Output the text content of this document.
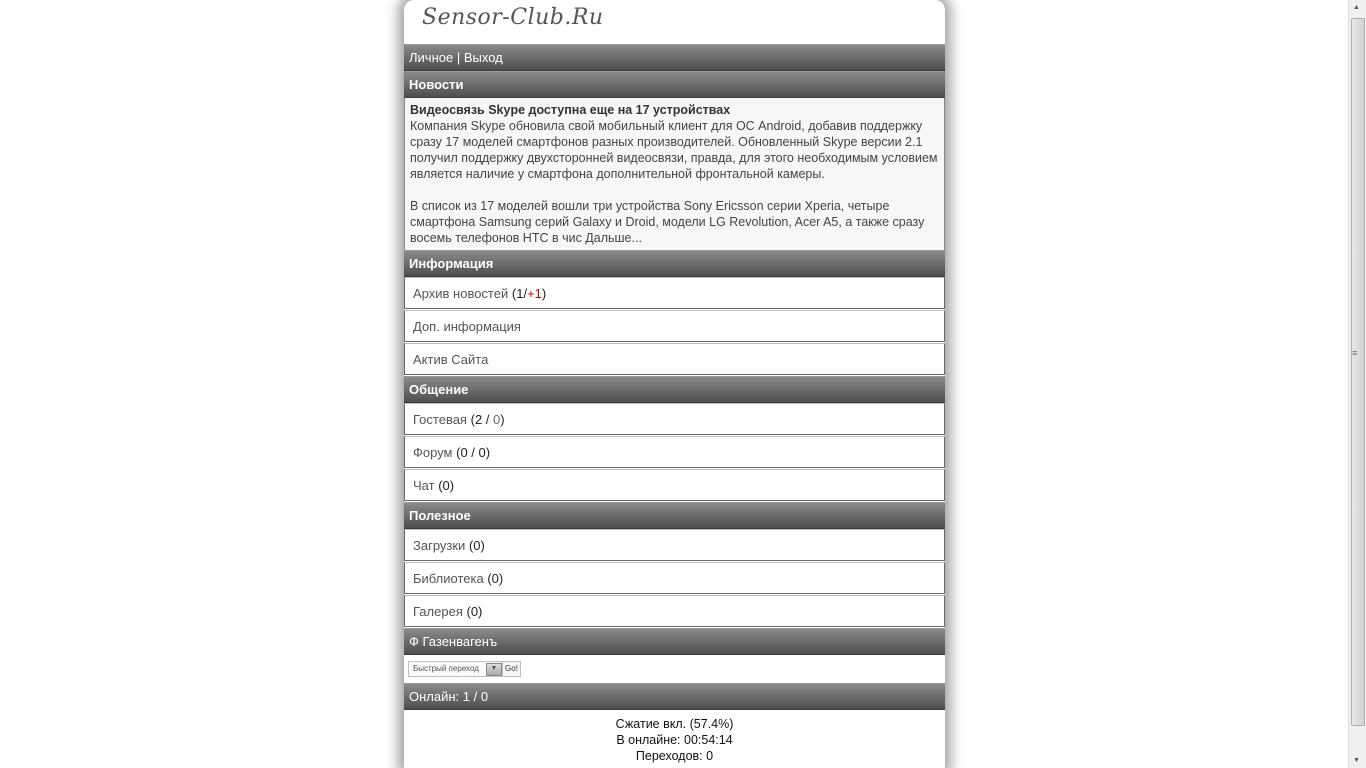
Sensor-Club.Ru
Личное | Выход
Новости

Видеосвязь Skype доступна еще на 17 устройствах

Компания Skype обновила свой мобильный клиент для ОС Android, добавив поддержку сразу 17 моделей смартфонов разных производителей. Обновленный Skype версии 2.1 получил поддержку двухсторонней видеосвязи, правда, для этого необходимым условием является наличие у смартфона дополнительной фронтальной камеры.

В список из 17 моделей вошли три устройства Sony Ericsson серии Xperia, четыре смартфона Samsung серий Galaxy и Droid, модели LG Revolution, Acer A5, а также сразу восемь телефонов HTC в чис Дальше...

Информация
Архив новостей (1/+1)
Доп. информация
Актив Сайта
Общение
Гостевая (2 / 0)
Форум (0 / 0)
Чат (0)
Полезное
Загрузки (0)
Библиотека (0)
Галерея (0)
Ф Газенвагенъ
Быстрый переход	▼ Go!
Онлайн: 1 / 0
Сжатие вкл. (57.4%)
В онлайне: 00:54:14
Переходов: 0
▲
≡
▼
